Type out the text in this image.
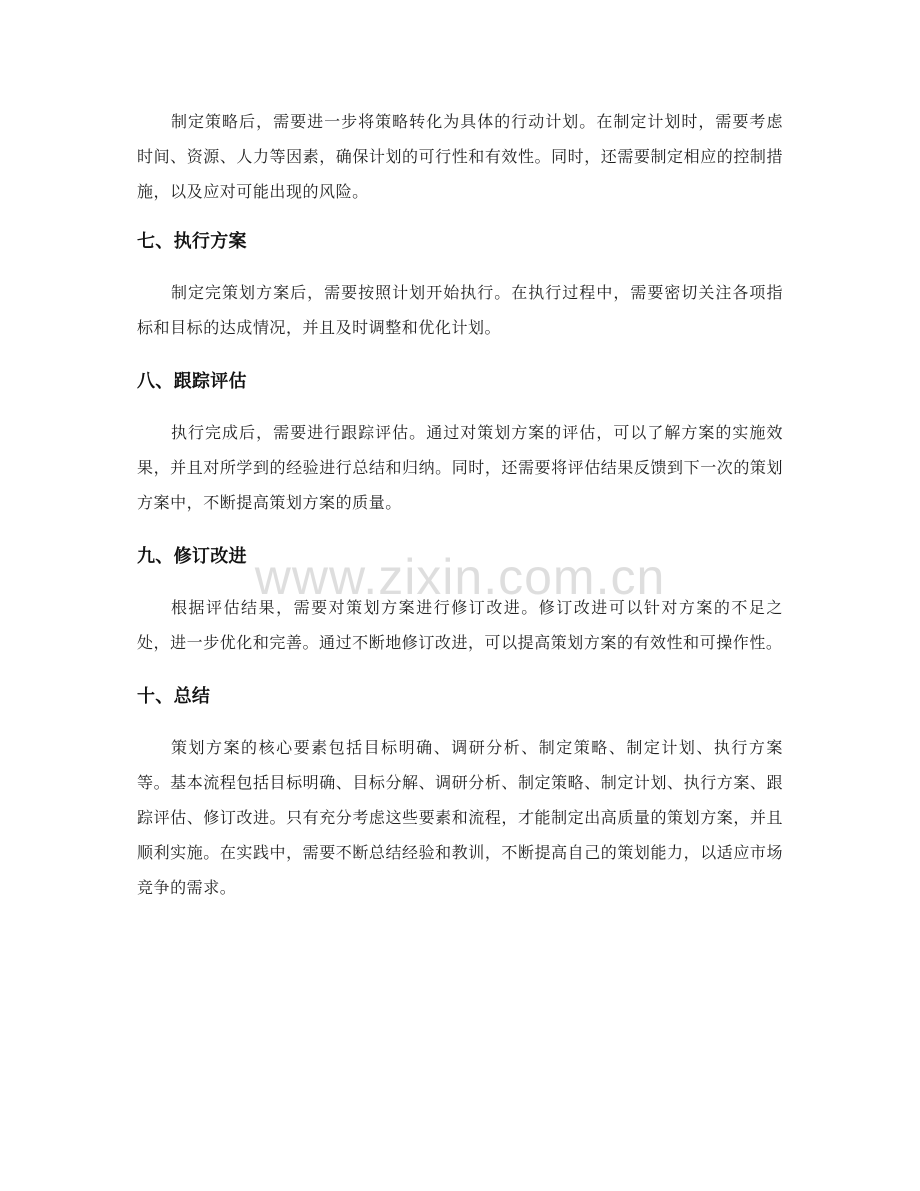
制定策略后，需要进一步将策略转化为具体的行动计划。在制定计划时，需要考虑时间、资源、人力等因素，确保计划的可行性和有效性。同时，还需要制定相应的控制措施，以及应对可能出现的风险。

七、执行方案

制定完策划方案后，需要按照计划开始执行。在执行过程中，需要密切关注各项指标和目标的达成情况，并且及时调整和优化计划。

八、跟踪评估

执行完成后，需要进行跟踪评估。通过对策划方案的评估，可以了解方案的实施效果，并且对所学到的经验进行总结和归纳。同时，还需要将评估结果反馈到下一次的策划方案中，不断提高策划方案的质量。

九、修订改进

根据评估结果，需要对策划方案进行修订改进。修订改进可以针对方案的不足之处，进一步优化和完善。通过不断地修订改进，可以提高策划方案的有效性和可操作性。

十、总结

策划方案的核心要素包括目标明确、调研分析、制定策略、制定计划、执行方案等。基本流程包括目标明确、目标分解、调研分析、制定策略、制定计划、执行方案、跟踪评估、修订改进。只有充分考虑这些要素和流程，才能制定出高质量的策划方案，并且顺利实施。在实践中，需要不断总结经验和教训，不断提高自己的策划能力，以适应市场竞争的需求。

www.zixin.com.cn
